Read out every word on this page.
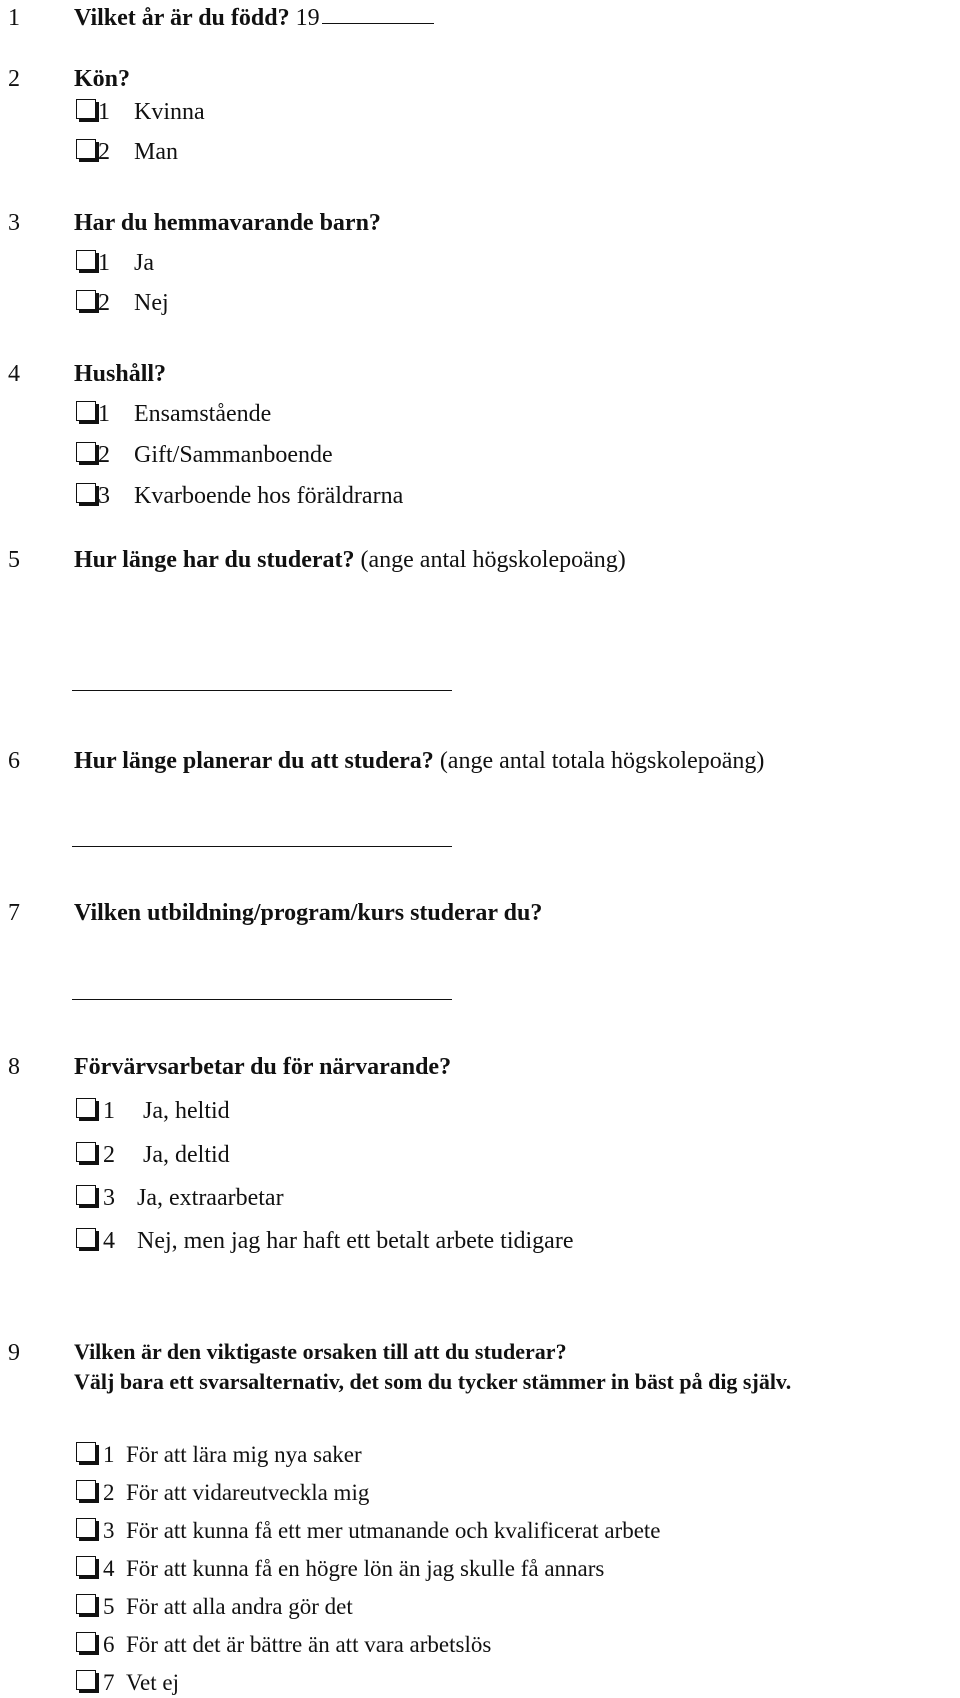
1 Vilket år är du född? 19
2 Kön?
1 Kvinna
2 Man
3 Har du hemmavarande barn?
1 Ja
2 Nej
4 Hushåll?
1 Ensamstående
2 Gift/Sammanboende
3 Kvarboende hos föräldrarna
5 Hur länge har du studerat? (ange antal högskolepoäng)
6 Hur länge planerar du att studera? (ange antal totala högskolepoäng)
7 Vilken utbildning/program/kurs studerar du?
8 Förvärvsarbetar du för närvarande?
1 Ja, heltid
2 Ja, deltid
3 Ja, extraarbetar
4 Nej, men jag har haft ett betalt arbete tidigare
9 Vilken är den viktigaste orsaken till att du studerar?
Välj bara ett svarsalternativ, det som du tycker stämmer in bäst på dig själv.
1 För att lära mig nya saker
2 För att vidareutveckla mig
3 För att kunna få ett mer utmanande och kvalificerat arbete
4 För att kunna få en högre lön än jag skulle få annars
5 För att alla andra gör det
6 För att det är bättre än att vara arbetslös
7 Vet ej
